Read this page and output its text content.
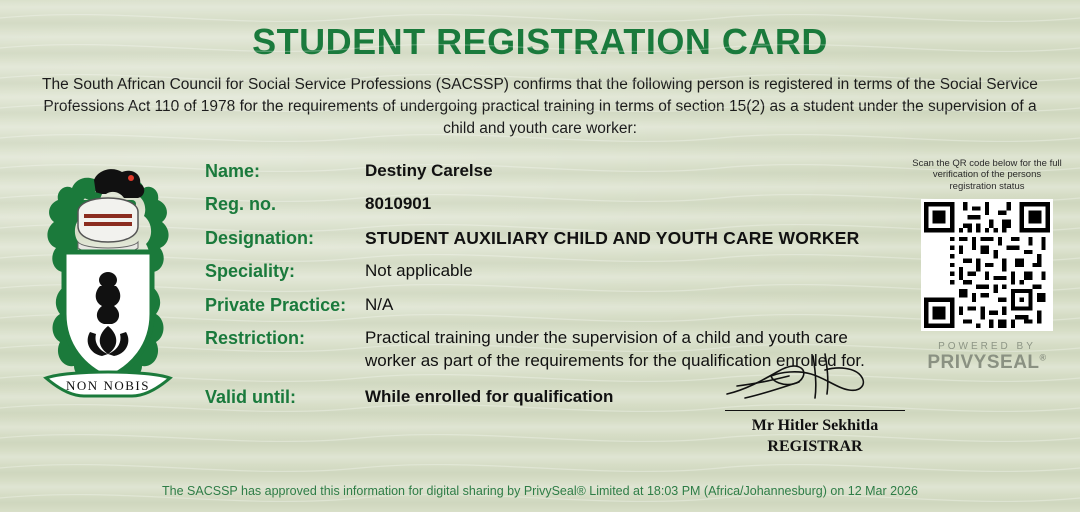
STUDENT REGISTRATION CARD
The South African Council for Social Service Professions (SACSSP) confirms that the following person is registered in terms of the Social Service Professions Act 110 of 1978 for the requirements of undergoing practical training in terms of section 15(2) as a student under the supervision of a child and youth care worker:
NON NOBIS
Name:	Destiny Carelse
Reg. no.	8010901
Designation:	STUDENT AUXILIARY CHILD AND YOUTH CARE WORKER
Speciality:	Not applicable
Private Practice:	N/A
Restriction:	Practical training under the supervision of a child and youth care worker as part of the requirements for the qualification enrolled for.
Valid until:	While enrolled for qualification
Scan the QR code below for the full verification of the persons registration status
POWERED BY
PRIVYSEAL®
Mr Hitler Sekhitla
REGISTRAR
The SACSSP has approved this information for digital sharing by PrivySeal® Limited at 18:03 PM (Africa/Johannesburg) on 12 Mar 2026
